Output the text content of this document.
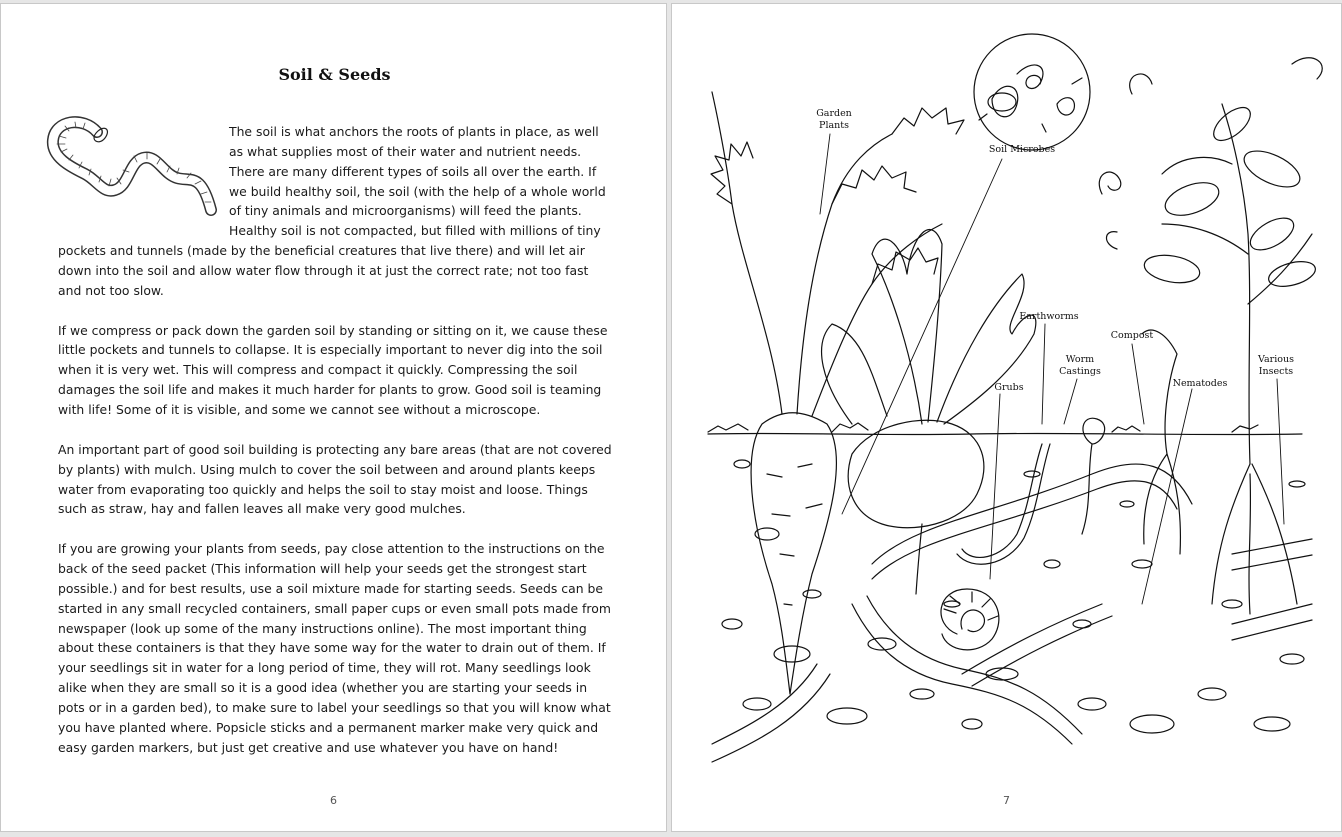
Soil & Seeds

The soil is what anchors the roots of plants in place, as well as what supplies most of their water and nutrient needs. There are many different types of soils all over the earth. If we build healthy soil, the soil (with the help of a whole world of tiny animals and microorganisms) will feed the plants. Healthy soil is not compacted, but filled with millions of tiny pockets and tunnels (made by the beneficial creatures that live there) and will let air down into the soil and allow water flow through it at just the correct rate; not too fast and not too slow.

If we compress or pack down the garden soil by standing or sitting on it, we cause these little pockets and tunnels to collapse. It is especially important to never dig into the soil when it is very wet. This will compress and compact it quickly. Compressing the soil damages the soil life and makes it much harder for plants to grow. Good soil is teaming with life! Some of it is visible, and some we cannot see without a microscope.

An important part of good soil building is protecting any bare areas (that are not covered by plants) with mulch. Using mulch to cover the soil between and around plants keeps water from evaporating too quickly and helps the soil to stay moist and loose. Things such as straw, hay and fallen leaves all make very good mulches.

If you are growing your plants from seeds, pay close attention to the instructions on the back of the seed packet (This information will help your seeds get the strongest start possible.) and for best results, use a soil mixture made for starting seeds. Seeds can be started in any small recycled containers, small paper cups or even small pots made from newspaper (look up some of the many instructions online). The most important thing about these containers is that they have some way for the water to drain out of them. If your seedlings sit in water for a long period of time, they will rot. Many seedlings look alike when they are small so it is a good idea (whether you are starting your seeds in pots or in a garden bed), to make sure to label your seedlings so that you will know what you have planted where. Popsicle sticks and a permanent marker make very quick and easy garden markers, but just get creative and use whatever you have on hand!

6
Garden
Plants
Soil Microbes
Earthworms
Compost
Worm
Castings
Grubs	Nematodes
Various
Insects
7
